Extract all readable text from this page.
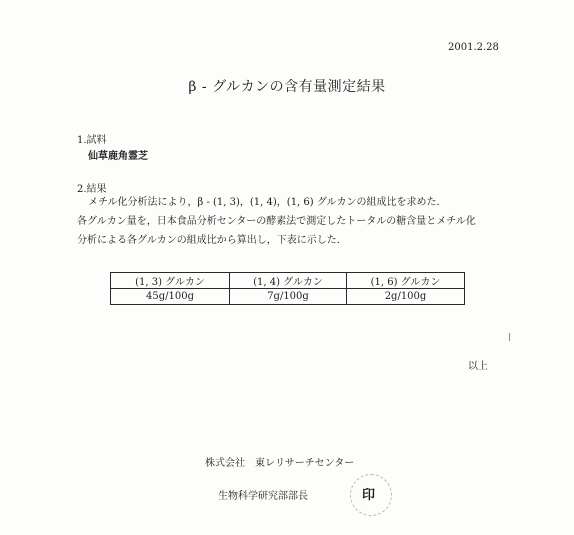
2001.2.28
β - グルカンの含有量測定結果
1.試料
仙草鹿角霊芝
2.結果
メチル化分析法により，β - (1, 3)，(1, 4)，(1, 6) グルカンの組成比を求めた．
各グルカン量を，日本食品分析センターの酵素法で測定したトータルの糖含量とメチル化
分析による各グルカンの組成比から算出し，下表に示した．
(1, 3) グルカン	(1, 4) グルカン	(1, 6) グルカン
45g/100g	7g/100g	2g/100g
以上
株式会社　東レリサーチセンター
生物科学研究部部長	印
